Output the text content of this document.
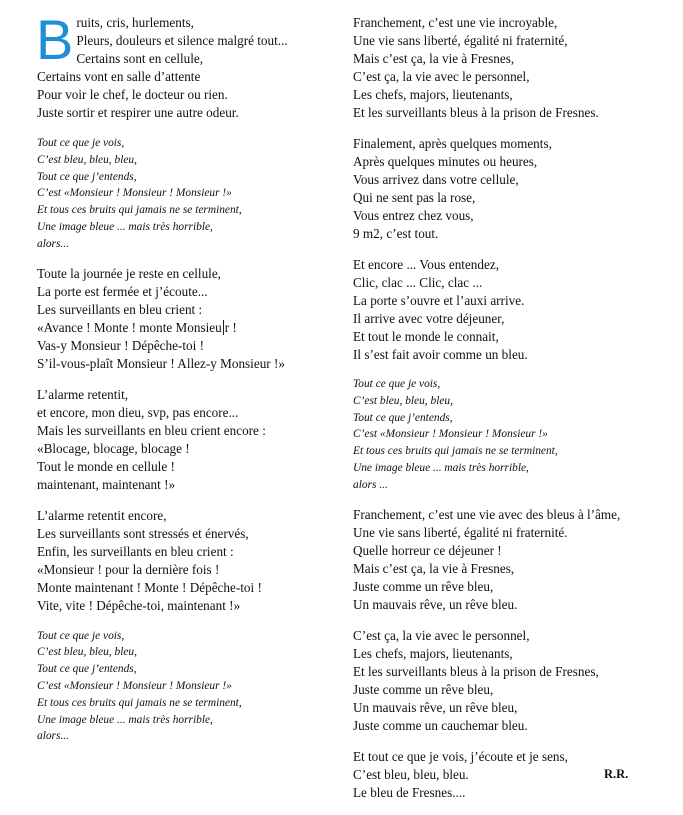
B ruits, cris, hurlements,
Pleurs, douleurs et silence malgré tout...
Certains sont en cellule,
Certains vont en salle d’attente
Pour voir le chef, le docteur ou rien.
Juste sortir et respirer une autre odeur.
Tout ce que je vois,
C’est bleu, bleu, bleu,
Tout ce que j’entends,
C’est «Monsieur ! Monsieur ! Monsieur !»
Et tous ces bruits qui jamais ne se terminent,
Une image bleue ... mais très horrible,
alors...
Toute la journée je reste en cellule,
La porte est fermée et j’écoute...
Les surveillants en bleu crient :
«Avance ! Monte ! monte Monsieu r !
Vas-y Monsieur ! Dépêche-toi !
S’il-vous-plaît Monsieur ! Allez-y Monsieur !»
L’alarme retentit,
et encore, mon dieu, svp, pas encore...
Mais les surveillants en bleu crient encore :
«Blocage, blocage, blocage !
Tout le monde en cellule !
maintenant, maintenant !»
L’alarme retentit encore,
Les surveillants sont stressés et énervés,
Enfin, les surveillants en bleu crient :
«Monsieur ! pour la dernière fois !
Monte maintenant ! Monte ! Dépêche-toi !
Vite, vite ! Dépêche-toi, maintenant !»
Tout ce que je vois,
C’est bleu, bleu, bleu,
Tout ce que j’entends,
C’est «Monsieur ! Monsieur ! Monsieur !»
Et tous ces bruits qui jamais ne se terminent,
Une image bleue ... mais très horrible,
alors...
Franchement, c’est une vie incroyable,
Une vie sans liberté, égalité ni fraternité,
Mais c’est ça, la vie à Fresnes,
C’est ça, la vie avec le personnel,
Les chefs, majors, lieutenants,
Et les surveillants bleus à la prison de Fresnes.
Finalement, après quelques moments,
Après quelques minutes ou heures,
Vous arrivez dans votre cellule,
Qui ne sent pas la rose,
Vous entrez chez vous,
9 m2, c’est tout.
Et encore ... Vous entendez,
Clic, clac ... Clic, clac ...
La porte s’ouvre et l’auxi arrive.
Il arrive avec votre déjeuner,
Et tout le monde le connait,
Il s’est fait avoir comme un bleu.
Tout ce que je vois,
C’est bleu, bleu, bleu,
Tout ce que j’entends,
C’est «Monsieur ! Monsieur ! Monsieur !»
Et tous ces bruits qui jamais ne se terminent,
Une image bleue ... mais très horrible,
alors ...
Franchement, c’est une vie avec des bleus à l’âme,
Une vie sans liberté, égalité ni fraternité.
Quelle horreur ce déjeuner !
Mais c’est ça, la vie à Fresnes,
Juste comme un rêve bleu,
Un mauvais rêve, un rêve bleu.
C’est ça, la vie avec le personnel,
Les chefs, majors, lieutenants,
Et les surveillants bleus à la prison de Fresnes,
Juste comme un rêve bleu,
Un mauvais rêve, un rêve bleu,
Juste comme un cauchemar bleu.
Et tout ce que je vois, j’écoute et je sens,
C’est bleu, bleu, bleu.
Le bleu de Fresnes....
R.R.
